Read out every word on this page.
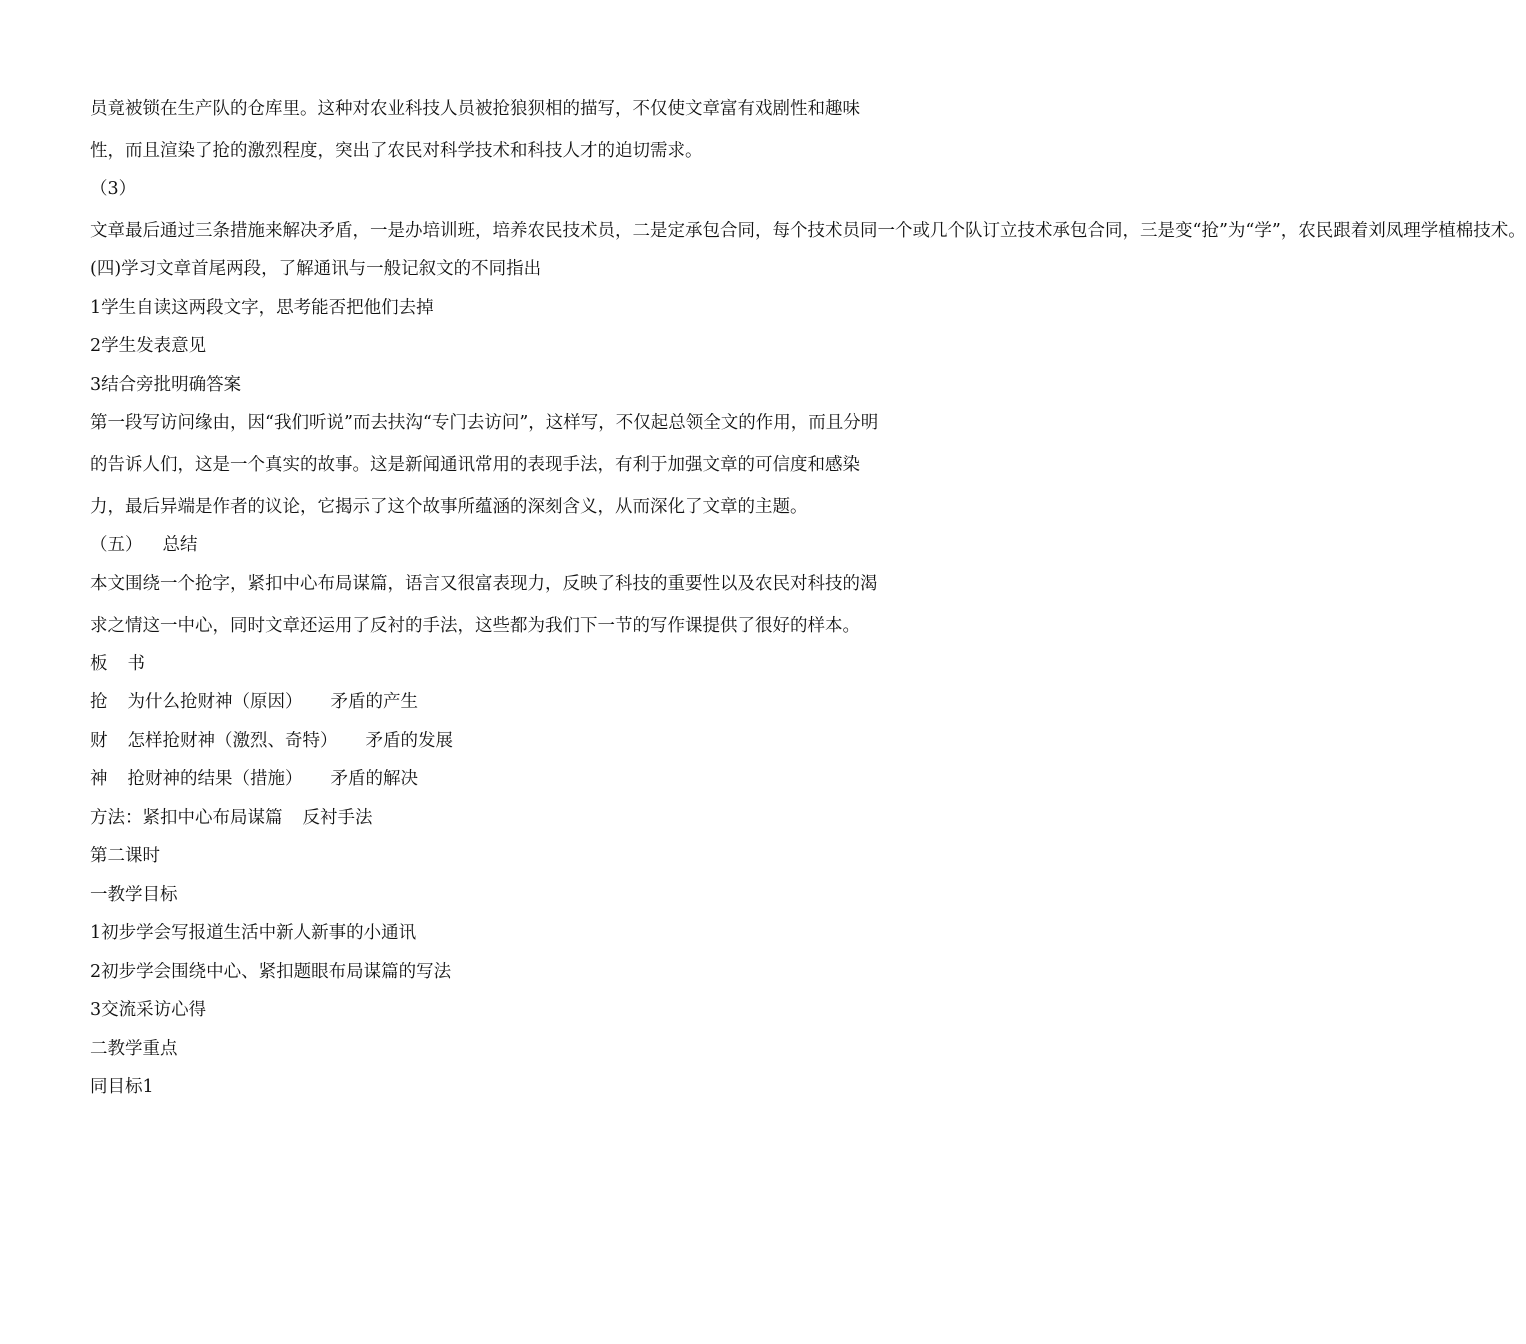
员竟被锁在生产队的仓库里。这种对农业科技人员被抢狼狈相的描写，不仅使文章富有戏剧性和趣味性，而且渲染了抢的激烈程度，突出了农民对科学技术和科技人才的迫切需求。

（3）文章最后通过三条措施来解决矛盾，一是办培训班，培养农民技术员，二是定承包合同，每个技术员同一个或几个队订立技术承包合同，三是变“抢”为“学”，农民跟着刘凤理学植棉技术。

(四)学习文章首尾两段，了解通讯与一般记叙文的不同指出

1学生自读这两段文字，思考能否把他们去掉

2学生发表意见

3结合旁批明确答案

第一段写访问缘由，因“我们听说”而去扶沟“专门去访问”，这样写，不仅起总领全文的作用，而且分明的告诉人们，这是一个真实的故事。这是新闻通讯常用的表现手法，有利于加强文章的可信度和感染力，最后异端是作者的议论，它揭示了这个故事所蕴涵的深刻含义，从而深化了文章的主题。

（五） 总结

本文围绕一个抢字，紧扣中心布局谋篇，语言又很富表现力，反映了科技的重要性以及农民对科技的渴求之情这一中心，同时文章还运用了反衬的手法，这些都为我们下一节的写作课提供了很好的样本。

板 书

抢 为什么抢财神（原因） 矛盾的产生

财 怎样抢财神（激烈、奇特） 矛盾的发展

神 抢财神的结果（措施） 矛盾的解决

方法：紧扣中心布局谋篇 反衬手法

第二课时

一教学目标

1初步学会写报道生活中新人新事的小通讯

2初步学会围绕中心、紧扣题眼布局谋篇的写法

3交流采访心得

二教学重点

同目标1
